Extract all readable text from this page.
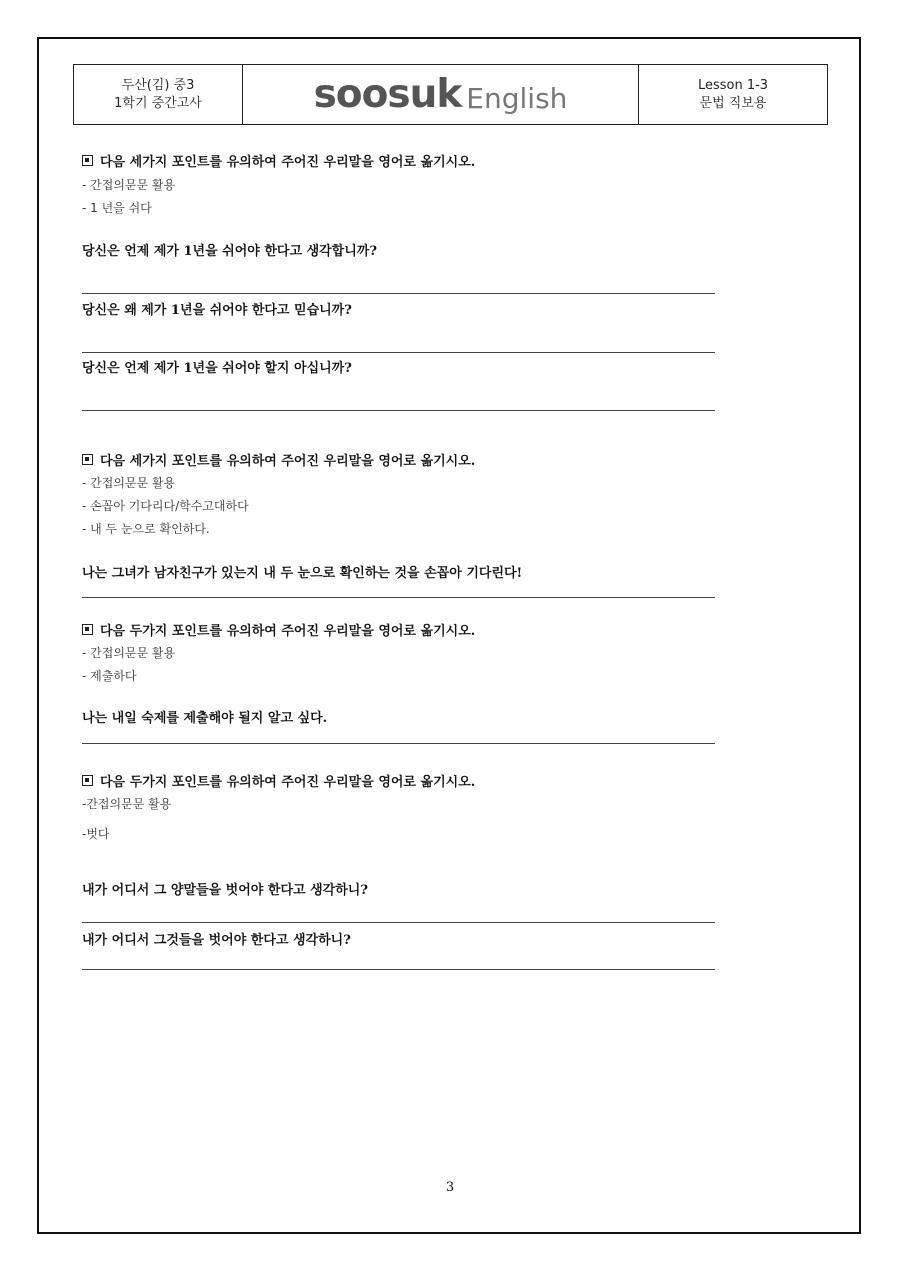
두산(김) 중3
1학기 중간고사	soosuk English	Lesson 1-3
문법 직보용
다음 세가지 포인트를 유의하여 주어진 우리말을 영어로 옮기시오.
- 간접의문문 활용
- 1 년을 쉬다
당신은 언제 제가 1년을 쉬어야 한다고 생각합니까?
당신은 왜 제가 1년을 쉬어야 한다고 믿습니까?
당신은 언제 제가 1년을 쉬어야 할지 아십니까?
다음 세가지 포인트를 유의하여 주어진 우리말을 영어로 옮기시오.
- 간접의문문 활용
- 손꼽아 기다리다/학수고대하다
- 내 두 눈으로 확인하다.
나는 그녀가 남자친구가 있는지 내 두 눈으로 확인하는 것을 손꼽아 기다린다!
다음 두가지 포인트를 유의하여 주어진 우리말을 영어로 옮기시오.
- 간접의문문 활용
- 제출하다
나는 내일 숙제를 제출해야 될지 알고 싶다.
다음 두가지 포인트를 유의하여 주어진 우리말을 영어로 옮기시오.
-간접의문문 활용
-벗다
내가 어디서 그 양말들을 벗어야 한다고 생각하니?
내가 어디서 그것들을 벗어야 한다고 생각하니?
3
